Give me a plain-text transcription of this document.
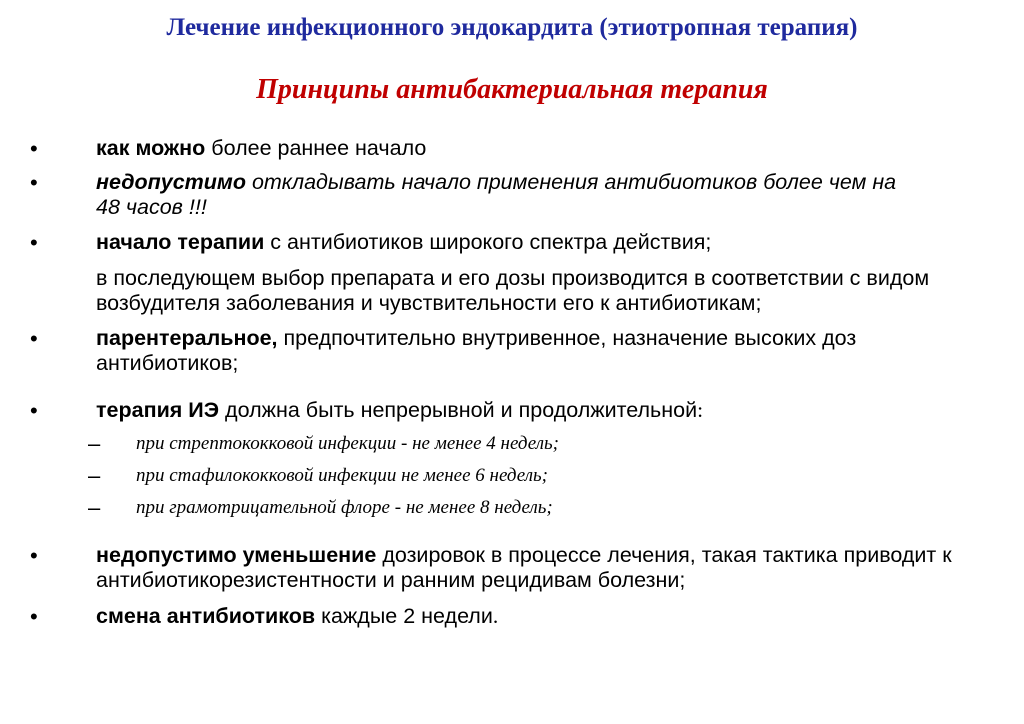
Лечение инфекционного эндокардита (этиотропная терапия)
Принципы антибактериальная терапия
•	как можно более раннее начало
•	недопустимо откладывать начало применения антибиотиков более чем на 48 часов !!!
•	начало терапии с антибиотиков широкого спектра действия;
в последующем выбор препарата и его дозы производится в соответствии с видом возбудителя заболевания и чувствительности его к антибиотикам;
•	парентеральное, предпочтительно внутривенное, назначение высоких доз антибиотиков;
•	терапия ИЭ должна быть непрерывной и продолжительной:
– при стрептококковой инфекции - не менее 4 недель;
– при стафилококковой инфекции не менее 6 недель;
– при грамотрицательной флоре - не менее 8 недель;
•	недопустимо уменьшение дозировок в процессе лечения, такая тактика приводит к антибиотикорезистентности и ранним рецидивам болезни;
•	смена антибиотиков каждые 2 недели.
